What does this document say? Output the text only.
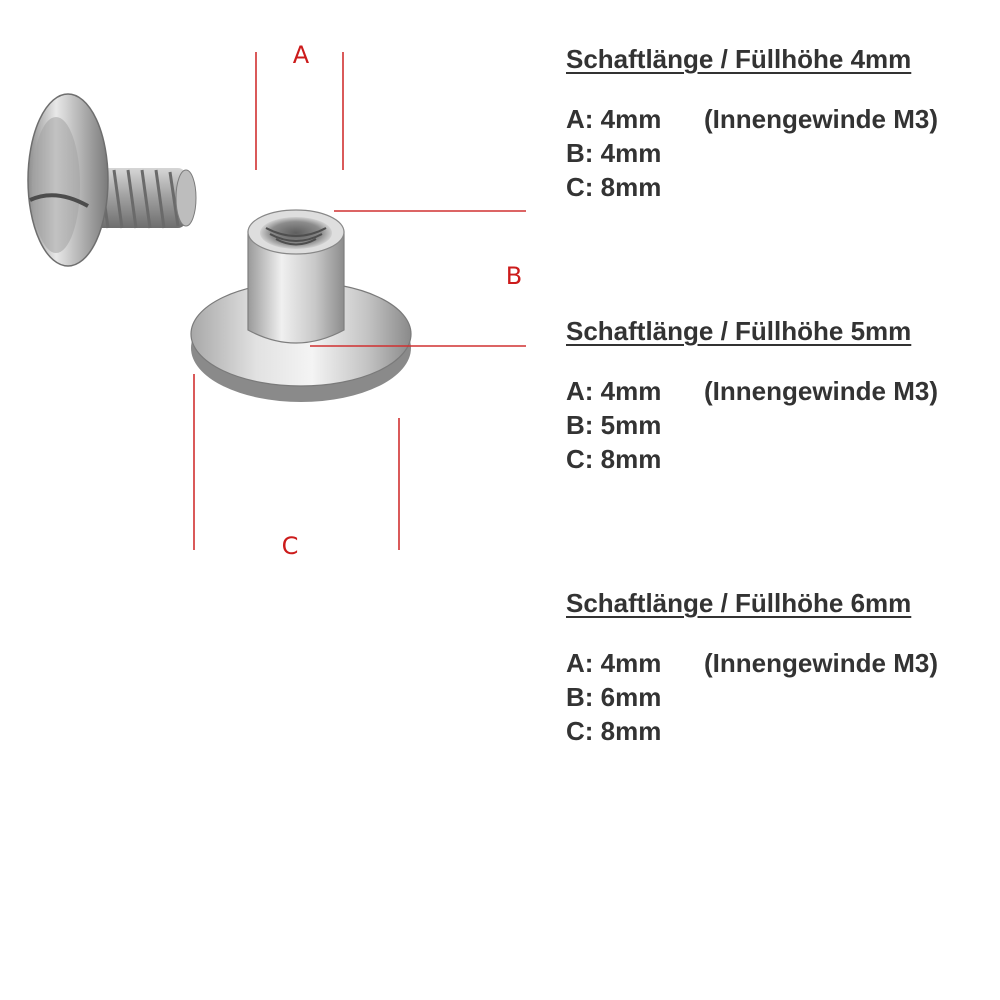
A
B
C
Schaftlänge / Füllhöhe 4mm
A: 4mm (Innengewinde M3)
B: 4mm
C: 8mm
Schaftlänge / Füllhöhe 5mm
A: 4mm (Innengewinde M3)
B: 5mm
C: 8mm
Schaftlänge / Füllhöhe 6mm
A: 4mm (Innengewinde M3)
B: 6mm
C: 8mm
